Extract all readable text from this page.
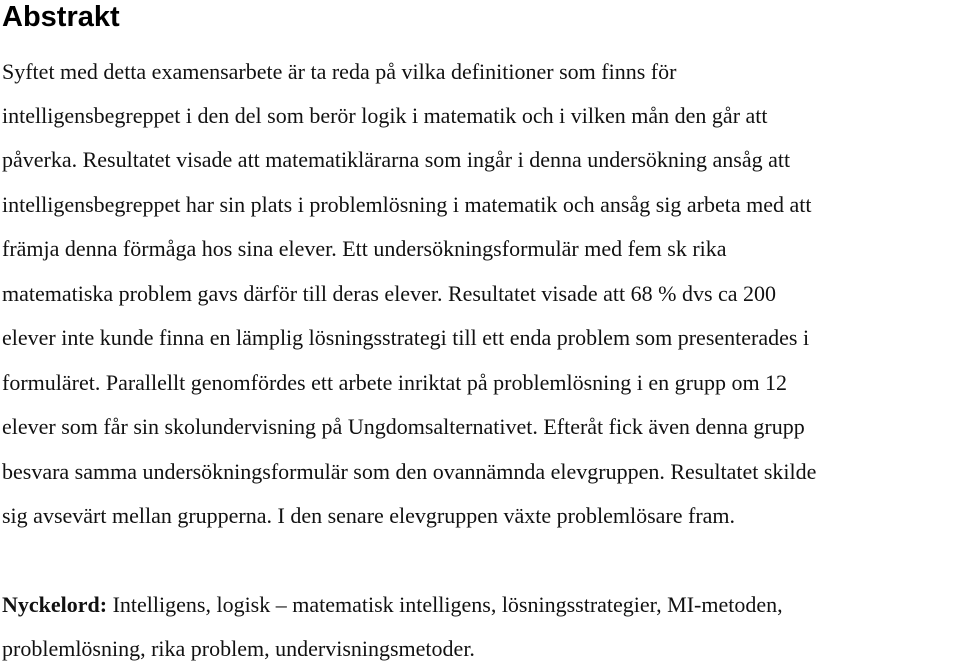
Abstrakt

Syftet med detta examensarbete är ta reda på vilka definitioner som finns för

intelligensbegreppet i den del som berör logik i matematik och i vilken mån den går att

påverka. Resultatet visade att matematiklärarna som ingår i denna undersökning ansåg att

intelligensbegreppet har sin plats i problemlösning i matematik och ansåg sig arbeta med att

främja denna förmåga hos sina elever. Ett undersökningsformulär med fem sk rika

matematiska problem gavs därför till deras elever. Resultatet visade att 68 % dvs ca 200

elever inte kunde finna en lämplig lösningsstrategi till ett enda problem som presenterades i

formuläret. Parallellt genomfördes ett arbete inriktat på problemlösning i en grupp om 12

elever som får sin skolundervisning på Ungdomsalternativet. Efteråt fick även denna grupp

besvara samma undersökningsformulär som den ovannämnda elevgruppen. Resultatet skilde

sig avsevärt mellan grupperna. I den senare elevgruppen växte problemlösare fram.

Nyckelord: Intelligens, logisk – matematisk intelligens, lösningsstrategier, MI-metoden,

problemlösning, rika problem, undervisningsmetoder.
